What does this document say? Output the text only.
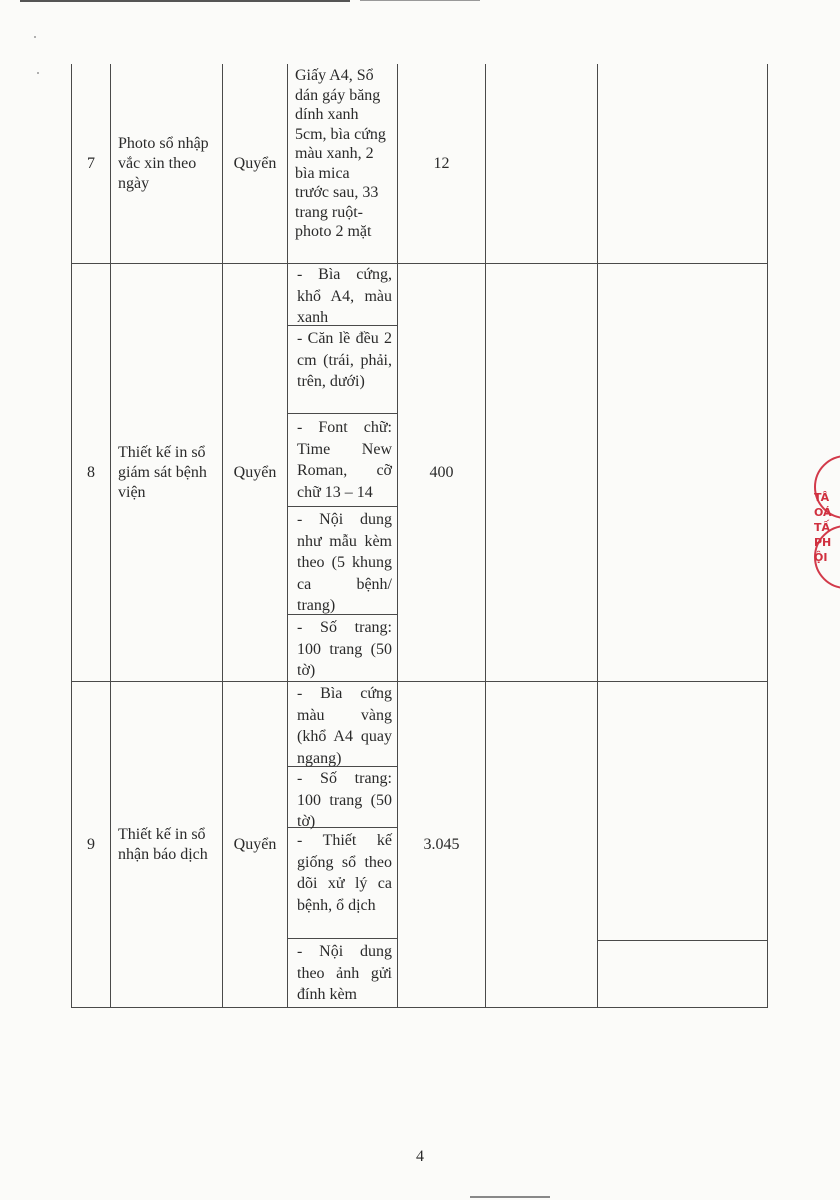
7
Photo sổ nhập vắc xin theo ngày
Quyển
Giấy A4, Sổ dán gáy băng dính xanh 5cm, bìa cứng màu xanh, 2 bìa mica trước sau, 33 trang ruột- photo 2 mặt
12
8
Thiết kế in sổ giám sát bệnh viện
Quyển
- Bìa cứng, khổ A4, màu xanh
- Căn lề đều 2 cm (trái, phải, trên, dưới)
- Font chữ: Time New Roman, cỡ chữ 13 – 14
- Nội dung như mẫu kèm theo (5 khung ca bệnh/ trang)
- Số trang: 100 trang (50 tờ)
400
9
Thiết kế in sổ nhận báo dịch
Quyển
- Bìa cứng màu vàng (khổ A4 quay ngang)
- Số trang: 100 trang (50 tờ)
- Thiết kế giống sổ theo dõi xử lý ca bệnh, ổ dịch
- Nội dung theo ảnh gửi đính kèm
3.045
TÂ
OÁ
TẤ
PH
ỘI
4
